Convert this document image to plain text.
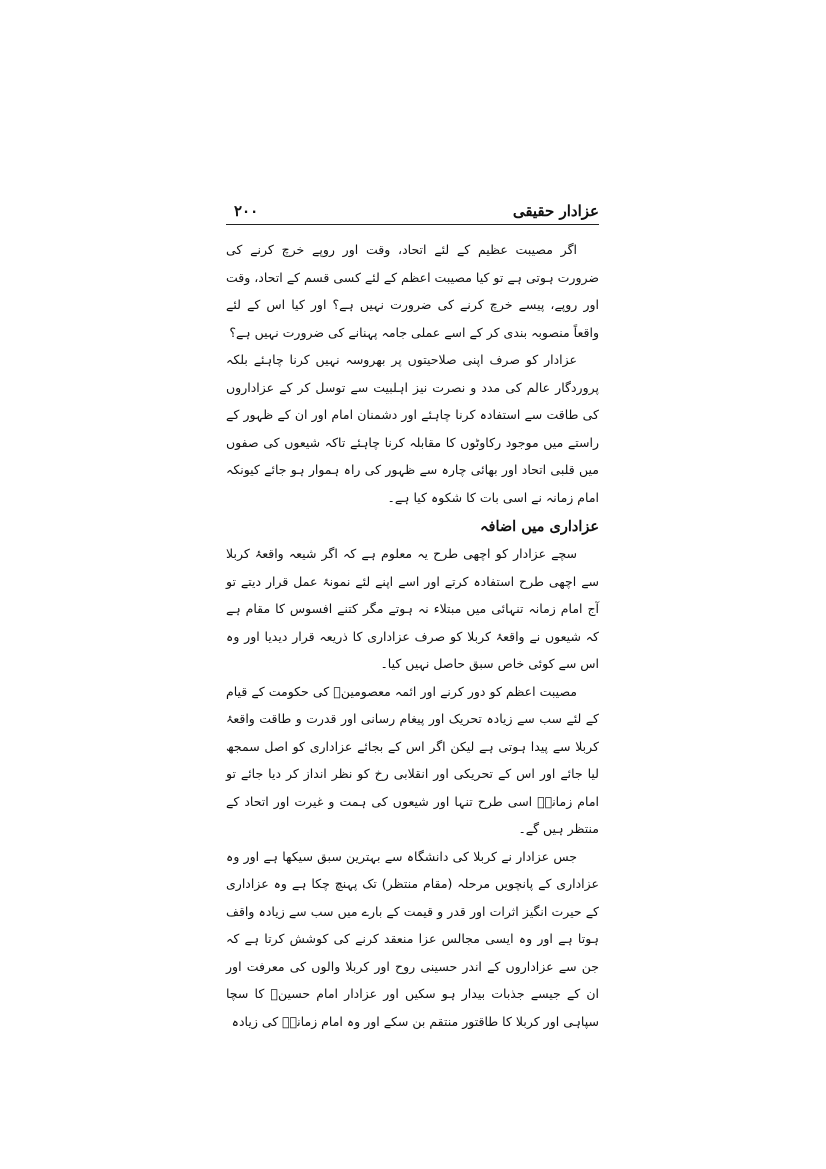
عزادار حقیقی
۲۰۰

اگر مصیبت عظیم کے لئے اتحاد، وقت اور روپے خرچ کرنے کی ضرورت ہوتی ہے تو کیا مصیبت اعظم کے لئے کسی قسم کے اتحاد، وقت اور روپے، پیسے خرچ کرنے کی ضرورت نہیں ہے؟ اور کیا اس کے لئے واقعاً منصوبہ بندی کر کے اسے عملی جامہ پہنانے کی ضرورت نہیں ہے؟

عزادار کو صرف اپنی صلاحیتوں پر بھروسہ نہیں کرنا چاہئے بلکہ پروردگار عالم کی مدد و نصرت نیز اہلبیت سے توسل کر کے عزاداروں کی طاقت سے استفادہ کرنا چاہئے اور دشمنان امام اور ان کے ظہور کے راستے میں موجود رکاوٹوں کا مقابلہ کرنا چاہئے تاکہ شیعوں کی صفوں میں قلبی اتحاد اور بھائی چارہ سے ظہور کی راہ ہموار ہو جائے کیونکہ امام زمانہ نے اسی بات کا شکوہ کیا ہے۔

عزاداری میں اضافہ

سچے عزادار کو اچھی طرح یہ معلوم ہے کہ اگر شیعہ واقعۂ کربلا سے اچھی طرح استفادہ کرتے اور اسے اپنے لئے نمونۂ عمل قرار دیتے تو آج امام زمانہ تنہائی میں مبتلاء نہ ہوتے مگر کتنے افسوس کا مقام ہے کہ شیعوں نے واقعۂ کربلا کو صرف عزاداری کا ذریعہ قرار دیدیا اور وہ اس سے کوئی خاص سبق حاصل نہیں کیا۔

مصیبت اعظم کو دور کرنے اور ائمہ معصومینؑ کی حکومت کے قیام کے لئے سب سے زیادہ تحریک اور پیغام رسانی اور قدرت و طاقت واقعۂ کربلا سے پیدا ہوتی ہے لیکن اگر اس کے بجائے عزاداری کو اصل سمجھ لیا جائے اور اس کے تحریکی اور انقلابی رخ کو نظر انداز کر دیا جائے تو امام زمانہؑ اسی طرح تنہا اور شیعوں کی ہمت و غیرت اور اتحاد کے منتظر ہیں گے۔

جس عزادار نے کربلا کی دانشگاہ سے بہترین سبق سیکھا ہے اور وہ عزاداری کے پانچویں مرحلہ (مقام منتظر) تک پہنچ چکا ہے وہ عزاداری کے حیرت انگیز اثرات اور قدر و قیمت کے بارے میں سب سے زیادہ واقف ہوتا ہے اور وہ ایسی مجالس عزا منعقد کرنے کی کوشش کرتا ہے کہ جن سے عزاداروں کے اندر حسینی روح اور کربلا والوں کی معرفت اور ان کے جیسے جذبات بیدار ہو سکیں اور عزادار امام حسینؑ کا سچا سپاہی اور کربلا کا طاقتور منتقم بن سکے اور وہ امام زمانہؑ کی زیادہ
